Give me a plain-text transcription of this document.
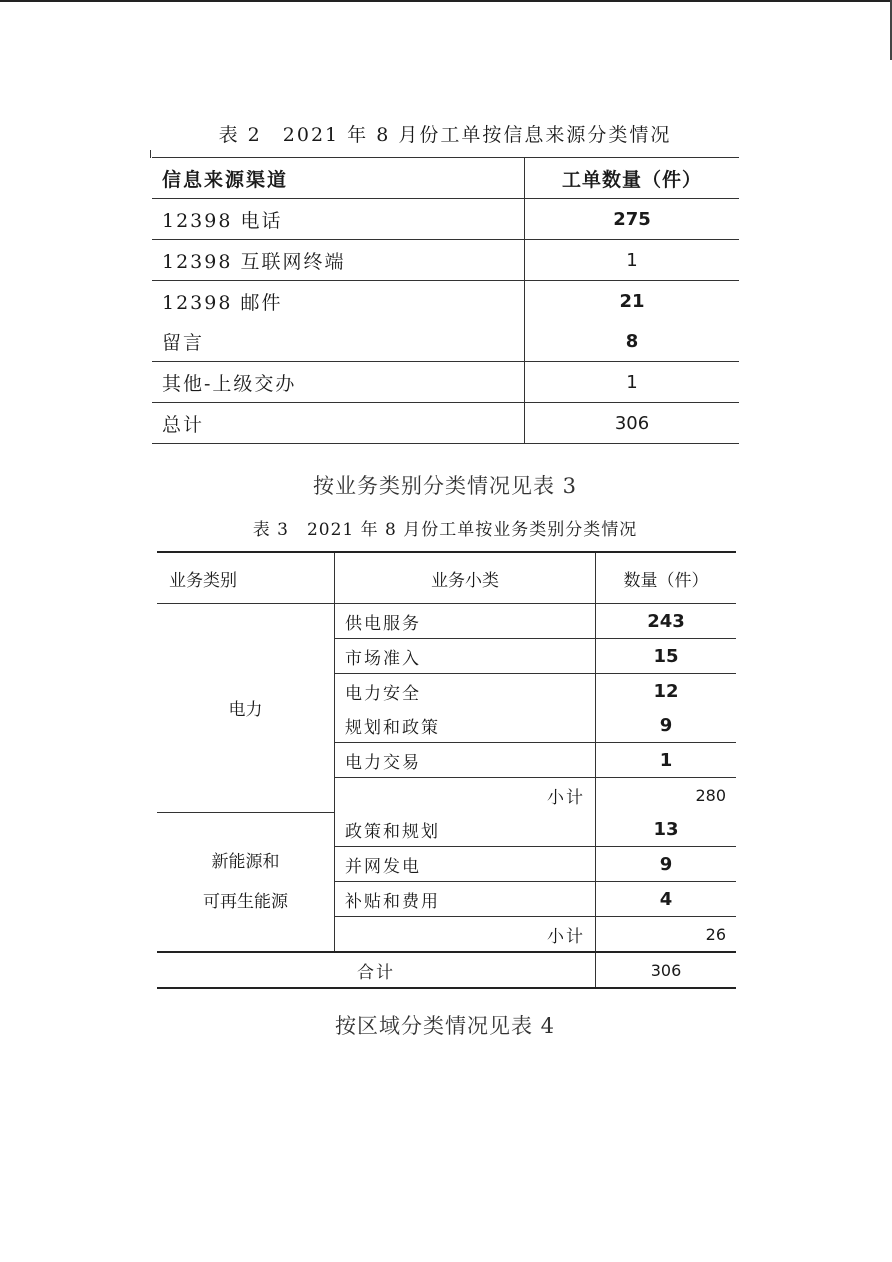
表 2　2021 年 8 月份工单按信息来源分类情况
信息来源渠道	工单数量（件）
12398 电话	275
12398 互联网终端	1
12398 邮件	21
留言	8
其他-上级交办	1
总计	306
按业务类别分类情况见表 3
表 3　2021 年 8 月份工单按业务类别分类情况
业务类别	业务小类	数量（件）
电力	供电服务	243
	市场准入	15
	电力安全	12
	规划和政策	9
	电力交易	1
	小计	280

新能源和
可再生能源	政策和规划	13
	并网发电	9
	补贴和费用	4
	小计	26
合计		306
按区域分类情况见表 4
